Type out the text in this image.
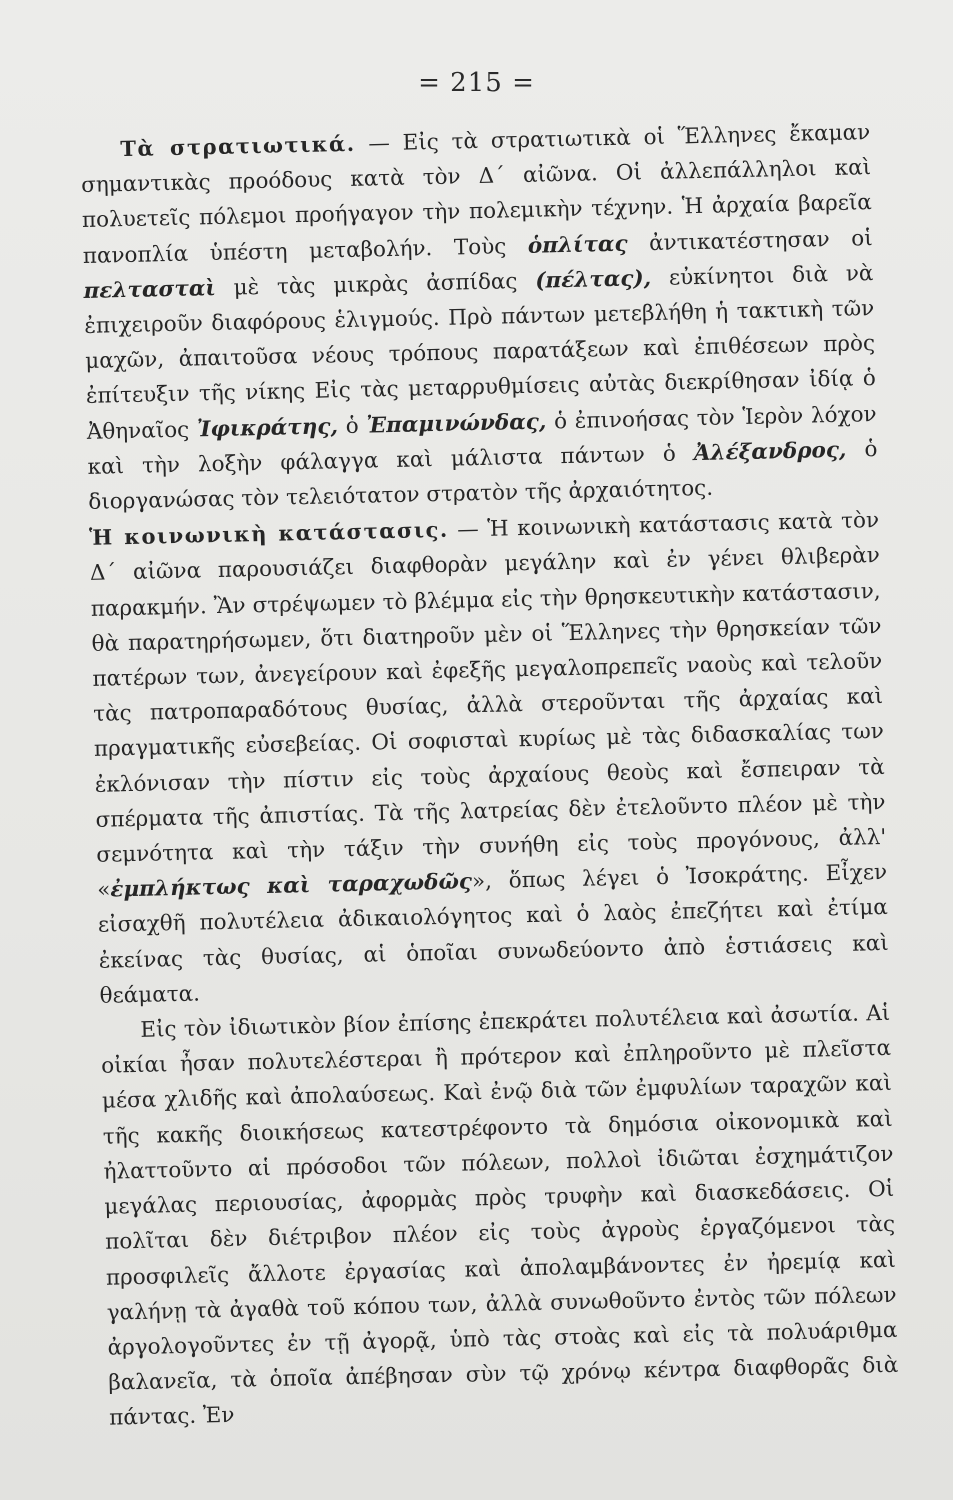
= 215 =

Τὰ στρατιωτικά. — Εἰς τὰ στρατιωτικὰ οἱ Ἕλληνες ἔκαμαν σημαντικὰς προόδους κατὰ τὸν Δ΄ αἰῶνα. Οἱ ἀλλεπάλληλοι καὶ πολυετεῖς πόλεμοι προήγαγον τὴν πολεμικὴν τέχνην. Ἡ ἀρχαία βαρεῖα πανοπλία ὑπέστη μεταβολήν. Τοὺς ὁπλίτας ἀντικατέστησαν οἱ πελτασταὶ μὲ τὰς μικρὰς ἀσπίδας (πέλτας), εὐκίνητοι διὰ νὰ ἐπιχειροῦν διαφόρους ἑλιγμούς. Πρὸ πάντων μετεβλήθη ἡ τακτικὴ τῶν μαχῶν, ἀπαιτοῦσα νέους τρόπους παρατάξεων καὶ ἐπιθέσεων πρὸς ἐπίτευξιν τῆς νίκης Εἰς τὰς μεταρρυθμίσεις αὐτὰς διεκρίθησαν ἰδίᾳ ὁ Ἀθηναῖος Ἰφικράτης, ὁ Ἐπαμινώνδας, ὁ ἐπινοήσας τὸν Ἱερὸν λόχον καὶ τὴν λοξὴν φάλαγγα καὶ μάλιστα πάντων ὁ Ἀλέξανδρος, ὁ διοργανώσας τὸν τελειότατον στρατὸν τῆς ἀρχαιότητος.

Ἡ κοινωνικὴ κατάστασις. — Ἡ κοινωνικὴ κατάστασις κατὰ τὸν Δ΄ αἰῶνα παρουσιάζει διαφθορὰν μεγάλην καὶ ἐν γένει θλιβερὰν παρακμήν. Ἂν στρέψωμεν τὸ βλέμμα εἰς τὴν θρησκευτικὴν κατάστασιν, θὰ παρατηρήσωμεν, ὅτι διατηροῦν μὲν οἱ Ἕλληνες τὴν θρησκείαν τῶν πατέρων των, ἀνεγείρουν καὶ ἐφεξῆς μεγαλοπρεπεῖς ναοὺς καὶ τελοῦν τὰς πατροπαραδότους θυσίας, ἀλλὰ στεροῦνται τῆς ἀρχαίας καὶ πραγματικῆς εὐσεβείας. Οἱ σοφισταὶ κυρίως μὲ τὰς διδασκαλίας των ἐκλόνισαν τὴν πίστιν εἰς τοὺς ἀρχαίους θεοὺς καὶ ἔσπειραν τὰ σπέρματα τῆς ἀπιστίας. Τὰ τῆς λατρείας δὲν ἐτελοῦντο πλέον μὲ τὴν σεμνότητα καὶ τὴν τάξιν τὴν συνήθη εἰς τοὺς προγόνους, ἀλλ' «ἐμπλήκτως καὶ ταραχωδῶς», ὅπως λέγει ὁ Ἰσοκράτης. Εἶχεν εἰσαχθῆ πολυτέλεια ἀδικαιολόγητος καὶ ὁ λαὸς ἐπεζήτει καὶ ἐτίμα ἐκείνας τὰς θυσίας, αἱ ὁποῖαι συνωδεύοντο ἀπὸ ἑστιάσεις καὶ θεάματα.

Εἰς τὸν ἰδιωτικὸν βίον ἐπίσης ἐπεκράτει πολυτέλεια καὶ ἀσωτία. Αἱ οἰκίαι ἦσαν πολυτελέστεραι ἢ πρότερον καὶ ἐπληροῦντο μὲ πλεῖστα μέσα χλιδῆς καὶ ἀπολαύσεως. Καὶ ἐνῷ διὰ τῶν ἐμφυλίων ταραχῶν καὶ τῆς κακῆς διοικήσεως κατεστρέφοντο τὰ δημόσια οἰκονομικὰ καὶ ἠλαττοῦντο αἱ πρόσοδοι τῶν πόλεων, πολλοὶ ἰδιῶται ἐσχημάτιζον μεγάλας περιουσίας, ἀφορμὰς πρὸς τρυφὴν καὶ διασκεδάσεις. Οἱ πολῖται δὲν διέτριβον πλέον εἰς τοὺς ἀγροὺς ἐργαζόμενοι τὰς προσφιλεῖς ἄλλοτε ἐργασίας καὶ ἀπολαμβάνοντες ἐν ἠρεμίᾳ καὶ γαλήνῃ τὰ ἀγαθὰ τοῦ κόπου των, ἀλλὰ συνωθοῦντο ἐντὸς τῶν πόλεων ἀργολογοῦντες ἐν τῇ ἀγορᾷ, ὑπὸ τὰς στοὰς καὶ εἰς τὰ πολυάριθμα βαλανεῖα, τὰ ὁποῖα ἀπέβησαν σὺν τῷ χρόνῳ κέντρα διαφθορᾶς διὰ πάντας. Ἐν
